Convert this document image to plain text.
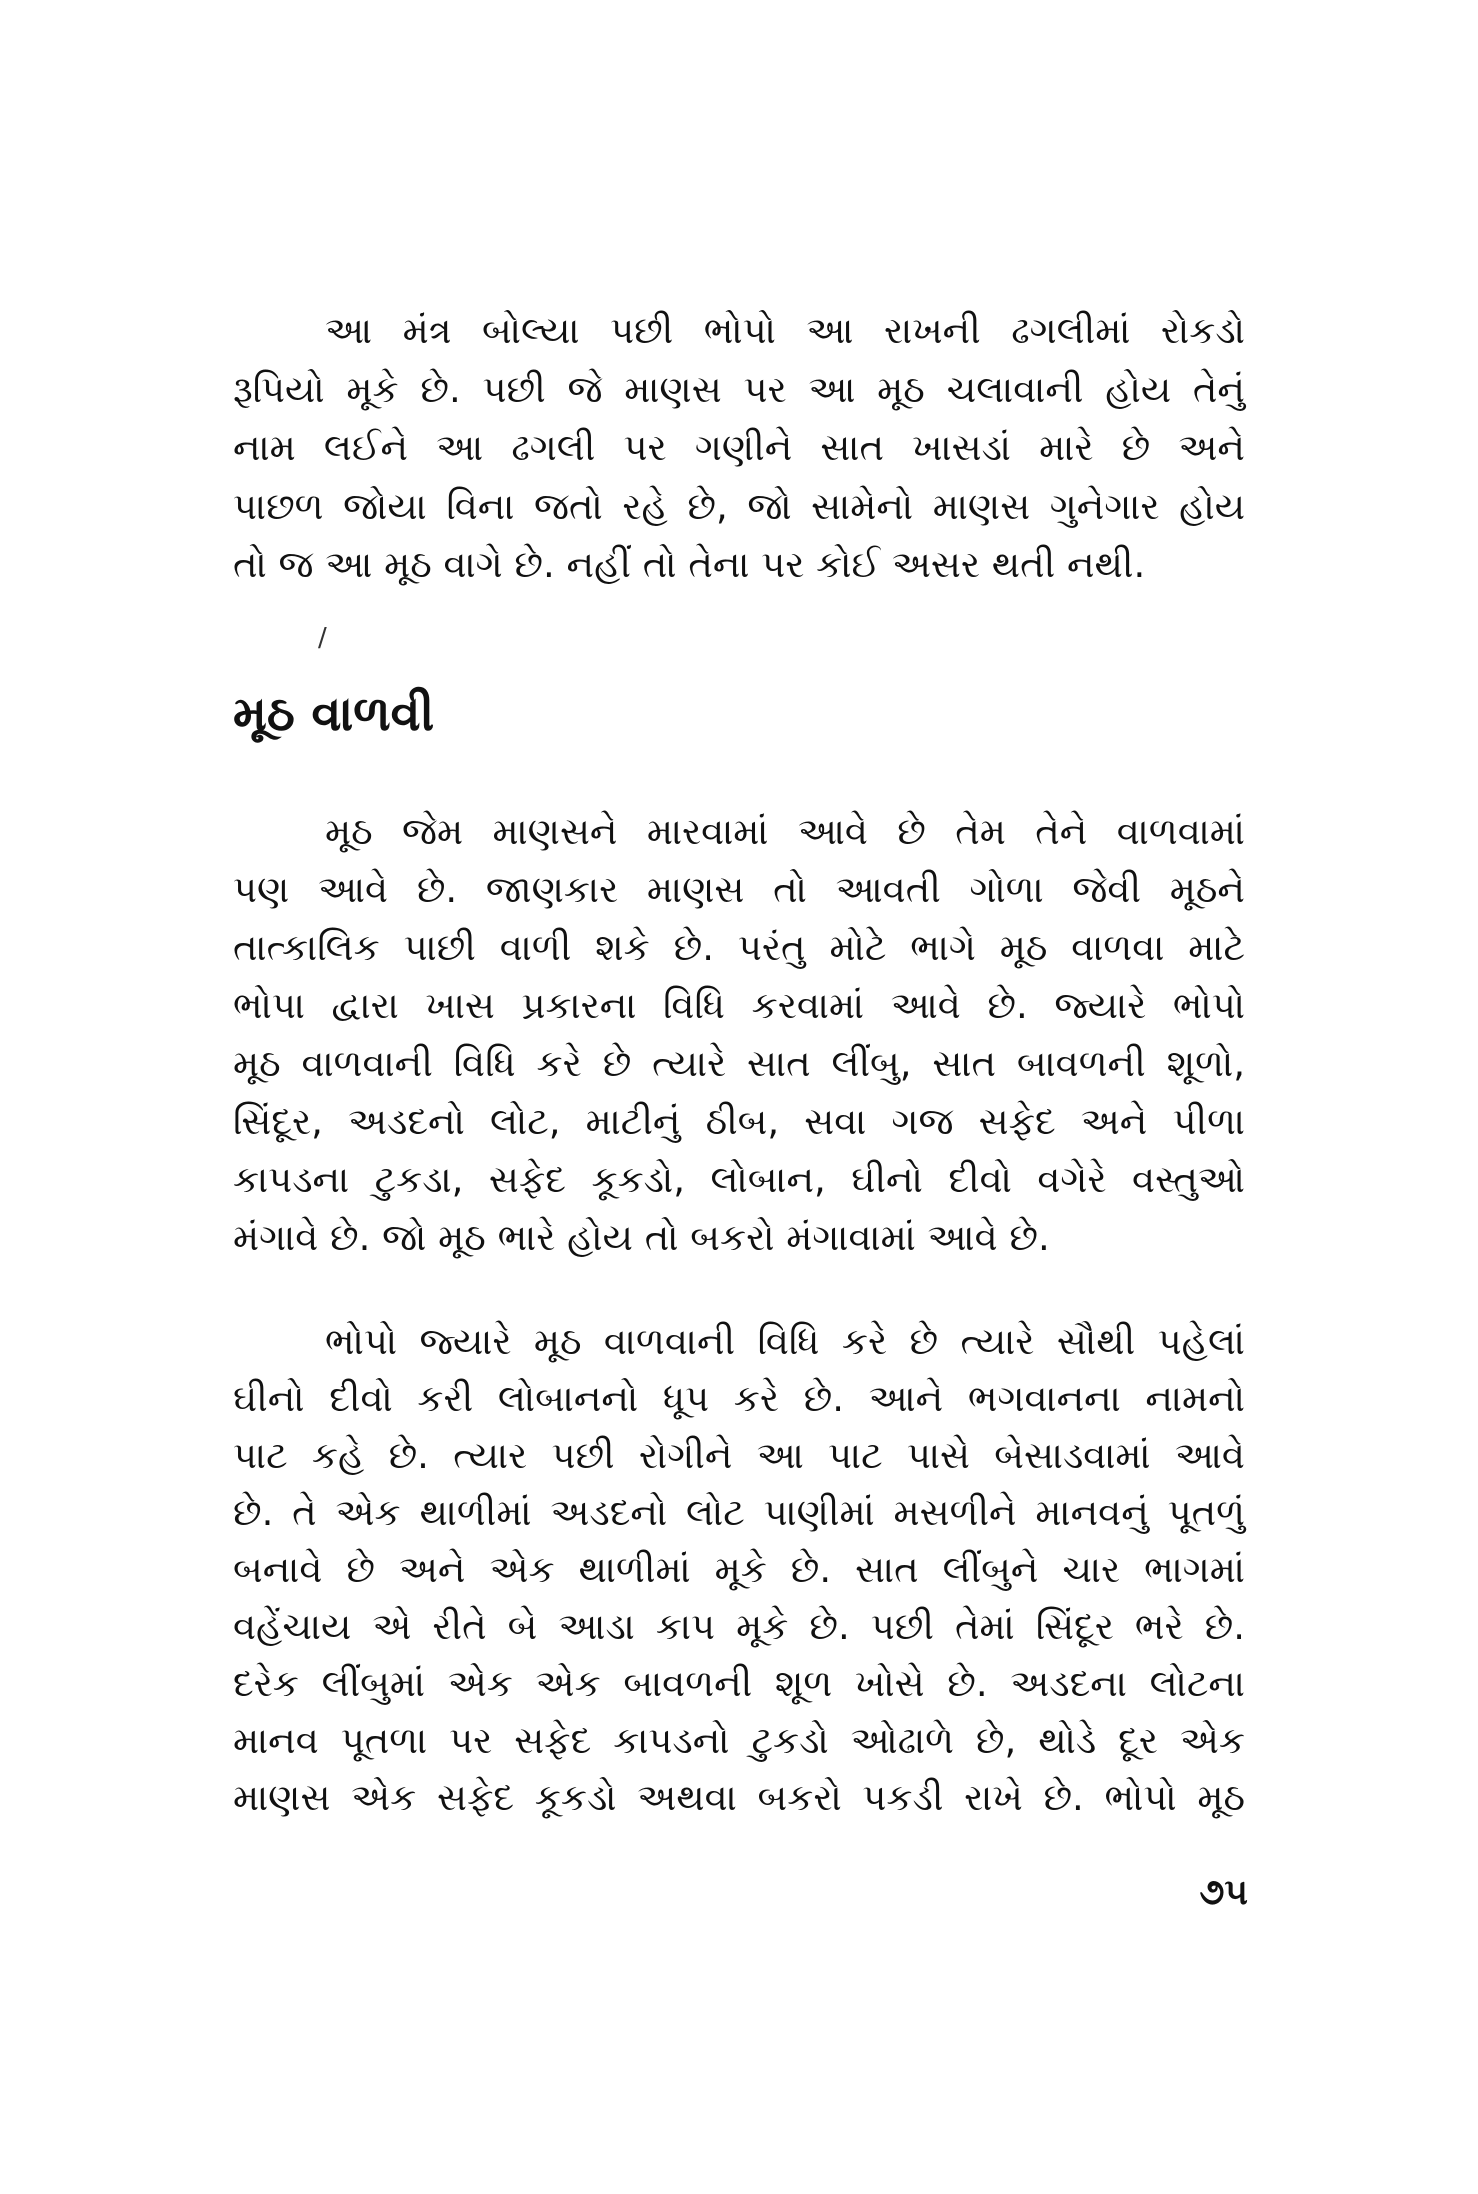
આ મંત્ર બોલ્યા પછી ભોપો આ રાખની ઢગલીમાં રોકડો
રૂપિયો મૂકે છે. પછી જે માણસ પર આ મૂઠ ચલાવાની હોય તેનું
નામ લઈને આ ઢગલી પર ગણીને સાત ખાસડાં મારે છે અને
પાછળ જોયા વિના જતો રહે છે, જો સામેનો માણસ ગુનેગાર હોય
તો જ આ મૂઠ વાગે છે. નહીં તો તેના પર કોઈ અસર થતી નથી.
/
મૂઠ વાળવી
મૂઠ જેમ માણસને મારવામાં આવે છે તેમ તેને વાળવામાં
પણ આવે છે. જાણકાર માણસ તો આવતી ગોળા જેવી મૂઠને
તાત્કાલિક પાછી વાળી શકે છે. પરંતુ મોટે ભાગે મૂઠ વાળવા માટે
ભોપા દ્વારા ખાસ પ્રકારના વિધિ કરવામાં આવે છે. જ્યારે ભોપો
મૂઠ વાળવાની વિધિ કરે છે ત્યારે સાત લીંબુ, સાત બાવળની શૂળો,
સિંદૂર, અડદનો લોટ, માટીનું ઠીબ, સવા ગજ સફેદ અને પીળા
કાપડના ટુકડા, સફેદ કૂકડો, લોબાન, ઘીનો દીવો વગેરે વસ્તુઓ
મંગાવે છે. જો મૂઠ ભારે હોય તો બકરો મંગાવામાં આવે છે.
ભોપો જ્યારે મૂઠ વાળવાની વિધિ કરે છે ત્યારે સૌથી પહેલાં
ઘીનો દીવો કરી લોબાનનો ધૂપ કરે છે. આને ભગવાનના નામનો
પાટ કહે છે. ત્યાર પછી રોગીને આ પાટ પાસે બેસાડવામાં આવે
છે. તે એક થાળીમાં અડદનો લોટ પાણીમાં મસળીને માનવનું પૂતળું
બનાવે છે અને એક થાળીમાં મૂકે છે. સાત લીંબુને ચાર ભાગમાં
વહેંચાય એ રીતે બે આડા કાપ મૂકે છે. પછી તેમાં સિંદૂર ભરે છે.
દરેક લીંબુમાં એક એક બાવળની શૂળ ખોસે છે. અડદના લોટના
માનવ પૂતળા પર સફેદ કાપડનો ટુકડો ઓઢાળે છે, થોડે દૂર એક
માણસ એક સફેદ કૂકડો અથવા બકરો પકડી રાખે છે. ભોપો મૂઠ
૭૫
